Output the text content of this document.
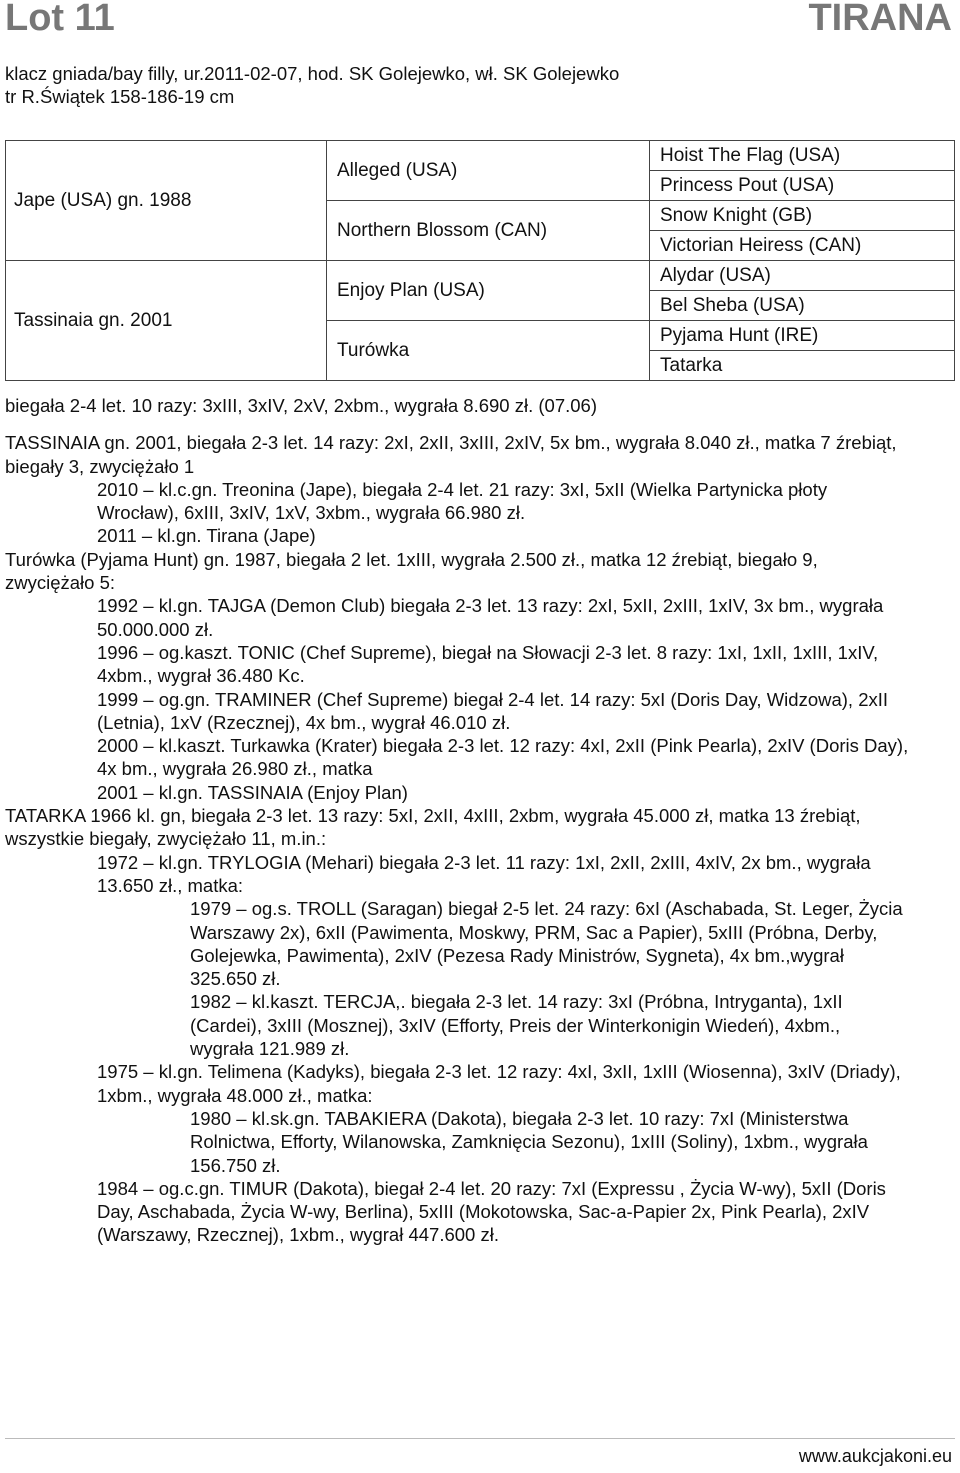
Lot 11	TIRANA
klacz gniada/bay filly, ur.2011-02-07, hod. SK Golejewko, wł. SK Golejewko
tr R.Świątek 158-186-19 cm
Jape (USA) gn. 1988	Alleged (USA)	Hoist The Flag (USA)
		Princess Pout (USA)
	Northern Blossom (CAN)	Snow Knight (GB)
		Victorian Heiress (CAN)
Tassinaia gn. 2001	Enjoy Plan (USA)	Alydar (USA)
		Bel Sheba (USA)
	Turówka	Pyjama Hunt (IRE)
		Tatarka

biegała 2-4 let. 10 razy: 3xIII, 3xIV, 2xV, 2xbm., wygrała 8.690 zł. (07.06)

TASSINAIA gn. 2001, biegała 2-3 let. 14 razy: 2xI, 2xII, 3xIII, 2xIV, 5x bm., wygrała 8.040 zł., matka 7 źrebiąt,

biegały 3, zwyciężało 1

2010 – kl.c.gn. Treonina (Jape), biegała 2-4 let. 21 razy: 3xI, 5xII (Wielka Partynicka płoty

Wrocław), 6xIII, 3xIV, 1xV, 3xbm., wygrała 66.980 zł.

2011 – kl.gn. Tirana (Jape)

Turówka (Pyjama Hunt) gn. 1987, biegała 2 let. 1xIII, wygrała 2.500 zł., matka 12 źrebiąt, biegało 9,

zwyciężało 5:

1992 – kl.gn. TAJGA (Demon Club) biegała 2-3 let. 13 razy: 2xI, 5xII, 2xIII, 1xIV, 3x bm., wygrała

50.000.000 zł.

1996 – og.kaszt. TONIC (Chef Supreme), biegał na Słowacji 2-3 let. 8 razy: 1xI, 1xII, 1xIII, 1xIV,

4xbm., wygrał 36.480 Kc.

1999 – og.gn. TRAMINER (Chef Supreme) biegał 2-4 let. 14 razy: 5xI (Doris Day, Widzowa), 2xII

(Letnia), 1xV (Rzecznej), 4x bm., wygrał 46.010 zł.

2000 – kl.kaszt. Turkawka (Krater) biegała 2-3 let. 12 razy: 4xI, 2xII (Pink Pearla), 2xIV (Doris Day),

4x bm., wygrała 26.980 zł., matka

2001 – kl.gn. TASSINAIA (Enjoy Plan)

TATARKA 1966 kl. gn, biegała 2-3 let. 13 razy: 5xI, 2xII, 4xIII, 2xbm, wygrała 45.000 zł, matka 13 źrebiąt,

wszystkie biegały, zwyciężało 11, m.in.:

1972 – kl.gn. TRYLOGIA (Mehari) biegała 2-3 let. 11 razy: 1xI, 2xII, 2xIII, 4xIV, 2x bm., wygrała

13.650 zł., matka:

1979 – og.s. TROLL (Saragan) biegał 2-5 let. 24 razy: 6xI (Aschabada, St. Leger, Życia

Warszawy 2x), 6xII (Pawimenta, Moskwy, PRM, Sac a Papier), 5xIII (Próbna, Derby,

Golejewka, Pawimenta), 2xIV (Pezesa Rady Ministrów, Sygneta), 4x bm.,wygrał

325.650 zł.

1982 – kl.kaszt. TERCJA,. biegała 2-3 let. 14 razy: 3xI (Próbna, Intryganta), 1xII

(Cardei), 3xIII (Mosznej), 3xIV (Efforty, Preis der Winterkonigin Wiedeń), 4xbm.,

wygrała 121.989 zł.

1975 – kl.gn. Telimena (Kadyks), biegała 2-3 let. 12 razy: 4xI, 3xII, 1xIII (Wiosenna), 3xIV (Driady),

1xbm., wygrała 48.000 zł., matka:

1980 – kl.sk.gn. TABAKIERA (Dakota), biegała 2-3 let. 10 razy: 7xI (Ministerstwa

Rolnictwa, Efforty, Wilanowska, Zamknięcia Sezonu), 1xIII (Soliny), 1xbm., wygrała

156.750 zł.

1984 – og.c.gn. TIMUR (Dakota), biegał 2-4 let. 20 razy: 7xI (Expressu , Życia W-wy), 5xII (Doris

Day, Aschabada, Życia W-wy, Berlina), 5xIII (Mokotowska, Sac-a-Papier 2x, Pink Pearla), 2xIV

(Warszawy, Rzecznej), 1xbm., wygrał 447.600 zł.

www.aukcjakoni.eu
